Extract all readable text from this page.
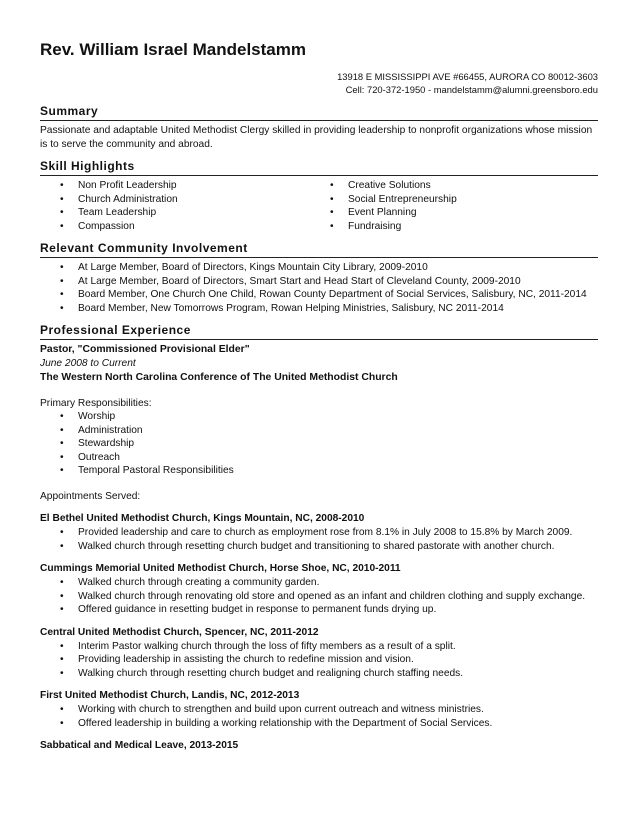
Rev. William Israel Mandelstamm
13918 E MISSISSIPPI AVE #66455, AURORA CO 80012-3603
Cell: 720-372-1950 - mandelstamm@alumni.greensboro.edu
Summary

Passionate and adaptable United Methodist Clergy skilled in providing leadership to nonprofit organizations whose mission is to serve the community and abroad.

Skill Highlights
• Non Profit Leadership
• Church Administration
• Team Leadership
• Compassion
• Creative Solutions
• Social Entrepreneurship
• Event Planning
• Fundraising
Relevant Community Involvement
• At Large Member, Board of Directors, Kings Mountain City Library, 2009-2010
• At Large Member, Board of Directors, Smart Start and Head Start of Cleveland County, 2009-2010
• Board Member, One Church One Child, Rowan County Department of Social Services, Salisbury, NC, 2011-2014
• Board Member, New Tomorrows Program, Rowan Helping Ministries, Salisbury, NC 2011-2014
Professional Experience

Pastor, "Commissioned Provisional Elder"

June 2008 to Current

The Western North Carolina Conference of The United Methodist Church

Primary Responsibilities:

• Worship
• Administration
• Stewardship
• Outreach
• Temporal Pastoral Responsibilities

Appointments Served:

El Bethel United Methodist Church, Kings Mountain, NC, 2008-2010

• Provided leadership and care to church as employment rose from 8.1% in July 2008 to 15.8% by March 2009.
• Walked church through resetting church budget and transitioning to shared pastorate with another church.

Cummings Memorial United Methodist Church, Horse Shoe, NC, 2010-2011

• Walked church through creating a community garden.
• Walked church through renovating old store and opened as an infant and children clothing and supply exchange.
• Offered guidance in resetting budget in response to permanent funds drying up.

Central United Methodist Church, Spencer, NC, 2011-2012

• Interim Pastor walking church through the loss of fifty members as a result of a split.
• Providing leadership in assisting the church to redefine mission and vision.
• Walking church through resetting church budget and realigning church staffing needs.

First United Methodist Church, Landis, NC, 2012-2013

• Working with church to strengthen and build upon current outreach and witness ministries.
• Offered leadership in building a working relationship with the Department of Social Services.

Sabbatical and Medical Leave, 2013-2015
